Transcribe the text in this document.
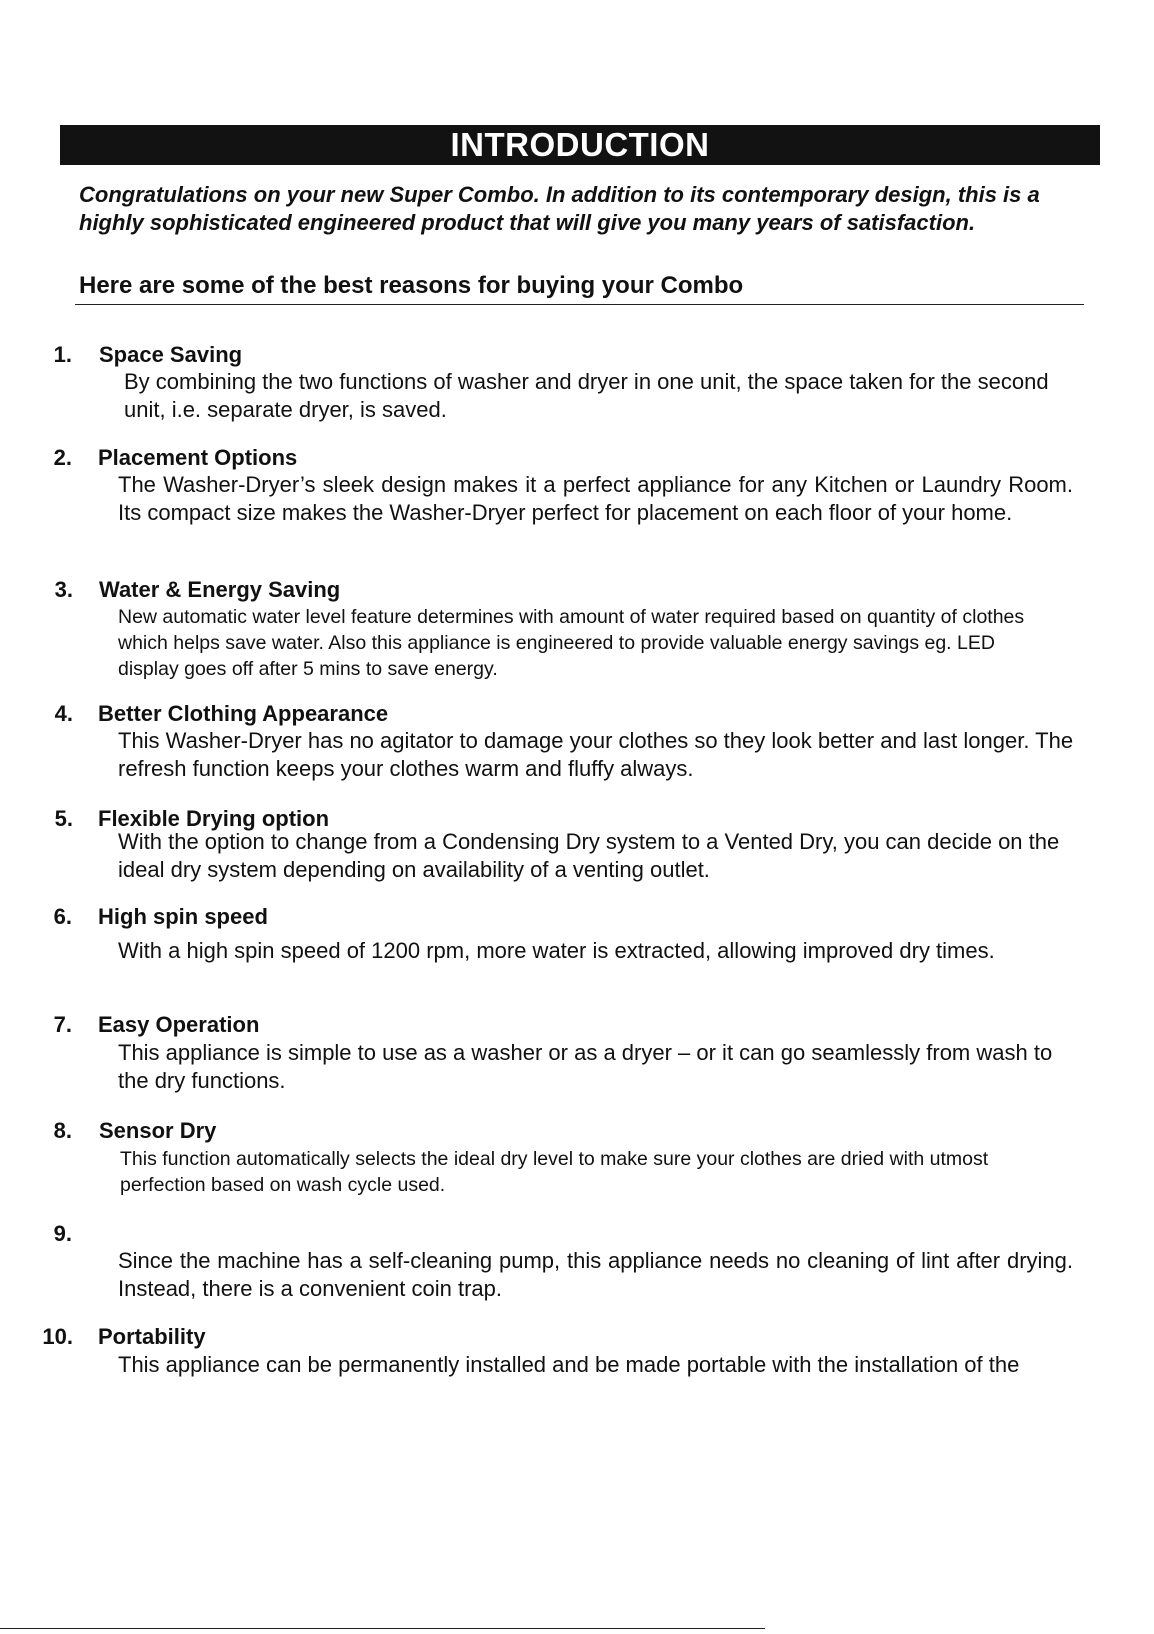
INTRODUCTION

Congratulations on your new Super Combo. In addition to its contemporary design, this is a highly sophisticated engineered product that will give you many years of satisfaction.

Here are some of the best reasons for buying your Combo
1. Space Saving

By combining the two functions of washer and dryer in one unit, the space taken for the second unit, i.e. separate dryer, is saved.

2. Placement Options

The Washer-Dryer’s sleek design makes it a perfect appliance for any Kitchen or Laundry Room. Its compact size makes the Washer-Dryer perfect for placement on each floor of your home.

3. Water & Energy Saving

New automatic water level feature determines with amount of water required based on quantity of clothes which helps save water. Also this appliance is engineered to provide valuable energy savings eg. LED display goes off after 5 mins to save energy.

4. Better Clothing Appearance

This Washer-Dryer has no agitator to damage your clothes so they look better and last longer. The refresh function keeps your clothes warm and fluffy always.

5. Flexible Drying option

With the option to change from a Condensing Dry system to a Vented Dry, you can decide on the ideal dry system depending on availability of a venting outlet.

6. High spin speed

With a high spin speed of 1200 rpm, more water is extracted, allowing improved dry times.

7. Easy Operation

This appliance is simple to use as a washer or as a dryer – or it can go seamlessly from wash to the dry functions.

8. Sensor Dry

This function automatically selects the ideal dry level to make sure your clothes are dried with utmost perfection based on wash cycle used.

9.

Since the machine has a self-cleaning pump, this appliance needs no cleaning of lint after drying. Instead, there is a convenient coin trap.

10. Portability

This appliance can be permanently installed and be made portable with the installation of the
